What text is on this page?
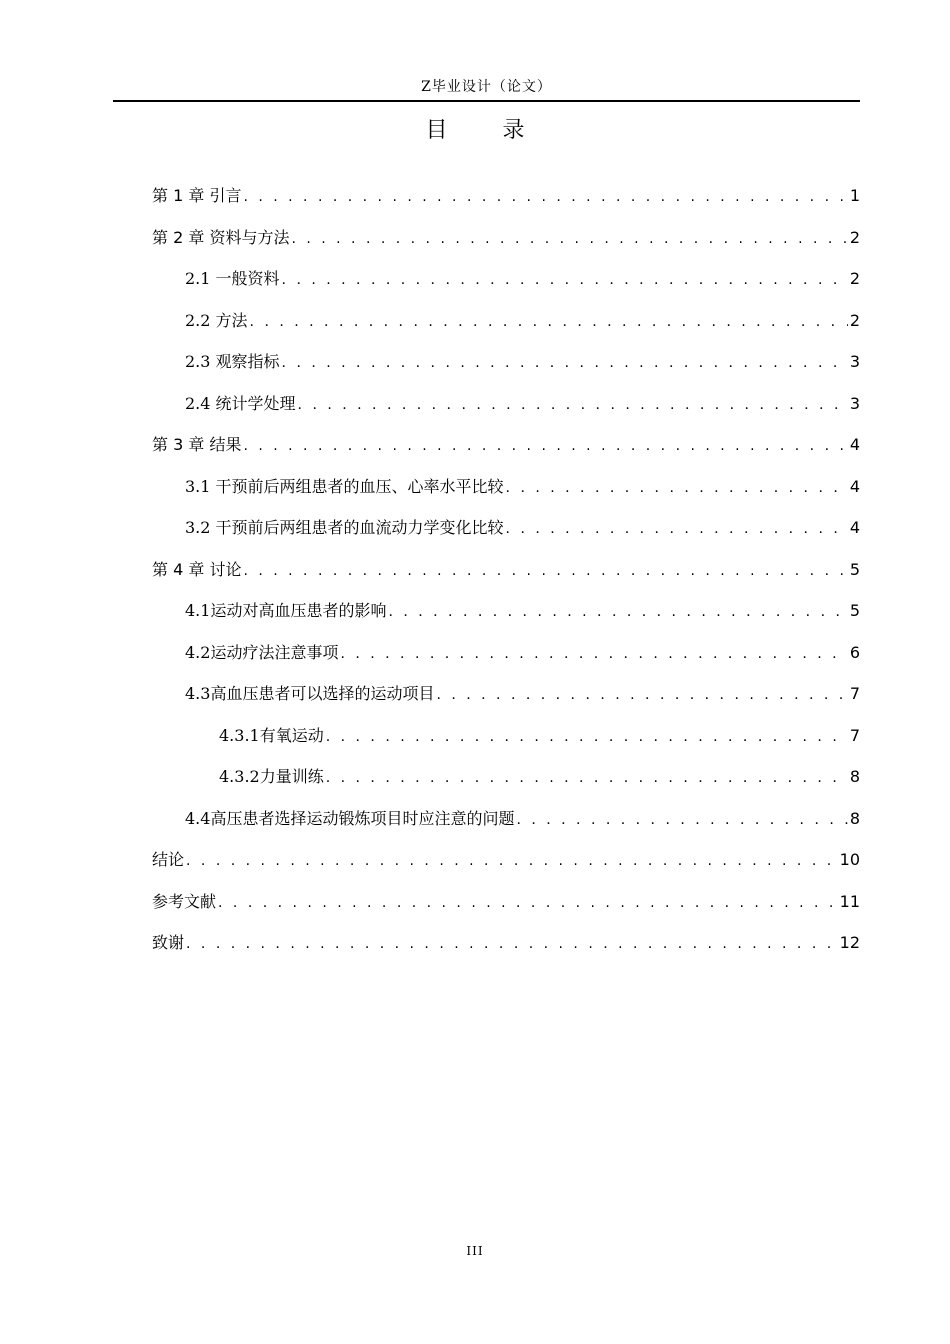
Z毕业设计（论文）
目 录
第 1 章 引言 . . .	1
第 2 章 资料与方法 . . .	2
2.1 一般资料 . . .	2
2.2 方法 . . .	2
2.3 观察指标 . . .	3
2.4 统计学处理 . . .	3
第 3 章 结果 . . .	4
3.1 干预前后两组患者的血压、心率水平比较 . . .	4
3.2 干预前后两组患者的血流动力学变化比较 . . .	4
第 4 章 讨论 . . .	5
4.1运动对高血压患者的影响 . . .	5
4.2运动疗法注意事项 . . .	6
4.3高血压患者可以选择的运动项目 . . .	7
4.3.1有氧运动 . . .	7
4.3.2力量训练 . . .	8
4.4高压患者选择运动锻炼项目时应注意的问题 . . .	8
结论 . . .	10
参考文献 . . .	11
致谢 . . .	12
III
